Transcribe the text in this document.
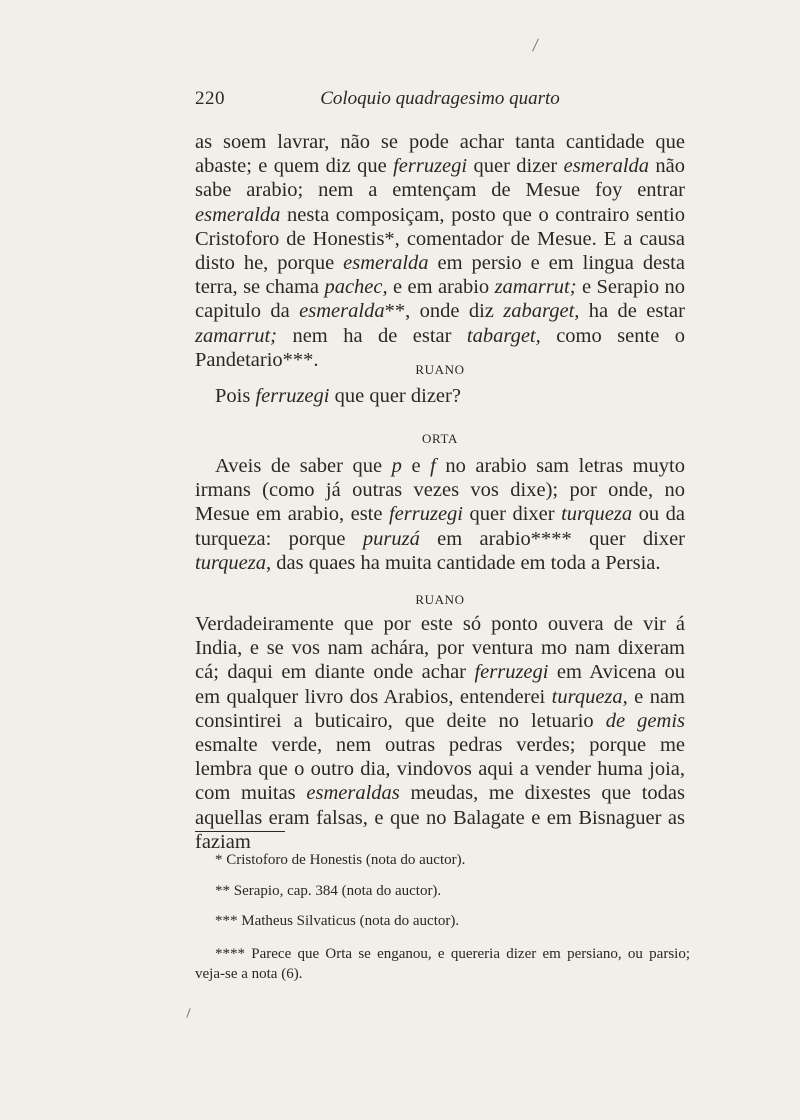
220	Coloquio quadragesimo quarto

as soem lavrar, não se pode achar tanta cantidade que abaste; e quem diz que ferruzegi quer dizer esmeralda não sabe arabio; nem a emtençam de Mesue foy entrar esmeralda nesta composiçam, posto que o contrairo sentio Cristoforo de Honestis*, comentador de Mesue. E a causa disto he, porque esmeralda em persio e em lingua desta terra, se chama pachec, e em arabio zamarrut; e Serapio no capitulo da esmeralda**, onde diz zabarget, ha de estar zamarrut; nem ha de estar tabarget, como sente o Pandetario***.	RUANO

Pois ferruzegi que quer dizer?

ORTA

Aveis de saber que p e f no arabio sam letras muyto irmans (como já outras vezes vos dixe); por onde, no Mesue em arabio, este ferruzegi quer dixer turqueza ou da turqueza: porque puruzá em arabio**** quer dixer turqueza, das quaes ha muita cantidade em toda a Persia.

RUANO

Verdadeiramente que por este só ponto ouvera de vir á India, e se vos nam achára, por ventura mo nam dixeram cá; daqui em diante onde achar ferruzegi em Avicena ou em qualquer livro dos Arabios, entenderei turqueza, e nam consintirei a buticairo, que deite no letuario de gemis esmalte verde, nem outras pedras verdes; porque me lembra que o outro dia, vindovos aqui a vender huma joia, com muitas esmeraldas meudas, me dixestes que todas aquellas eram falsas, e que no Balagate e em Bisnaguer as faziam

* Cristoforo de Honestis (nota do auctor).
** Serapio, cap. 384 (nota do auctor).
*** Matheus Silvaticus (nota do auctor).
**** Parece que Orta se enganou, e quereria dizer em persiano, ou parsio; veja-se a nota (6).
